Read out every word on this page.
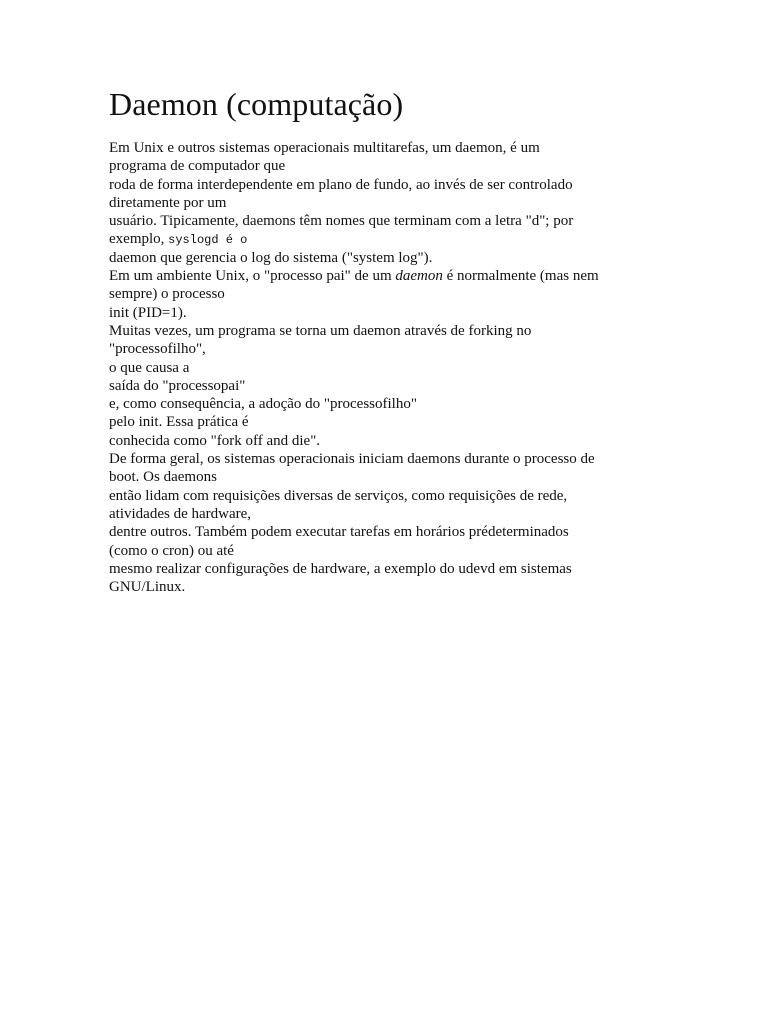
Daemon (computação)
Em Unix e outros sistemas operacionais multitarefas, um daemon, é um
programa de computador que
roda de forma interdependente em plano de fundo, ao invés de ser controlado
diretamente por um
usuário. Tipicamente, daemons têm nomes que terminam com a letra "d"; por
exemplo, syslogd é o
daemon que gerencia o log do sistema ("system log").
Em um ambiente Unix, o "processo pai" de um daemon é normalmente (mas nem
sempre) o processo
init (PID=1).
Muitas vezes, um programa se torna um daemon através de forking no
"processofilho",
o que causa a
saída do "processopai"
e, como consequência, a adoção do "processofilho"
pelo init. Essa prática é
conhecida como "fork off and die".
De forma geral, os sistemas operacionais iniciam daemons durante o processo de
boot. Os daemons
então lidam com requisições diversas de serviços, como requisições de rede,
atividades de hardware,
dentre outros. Também podem executar tarefas em horários prédeterminados
(como o cron) ou até
mesmo realizar configurações de hardware, a exemplo do udevd em sistemas
GNU/Linux.
